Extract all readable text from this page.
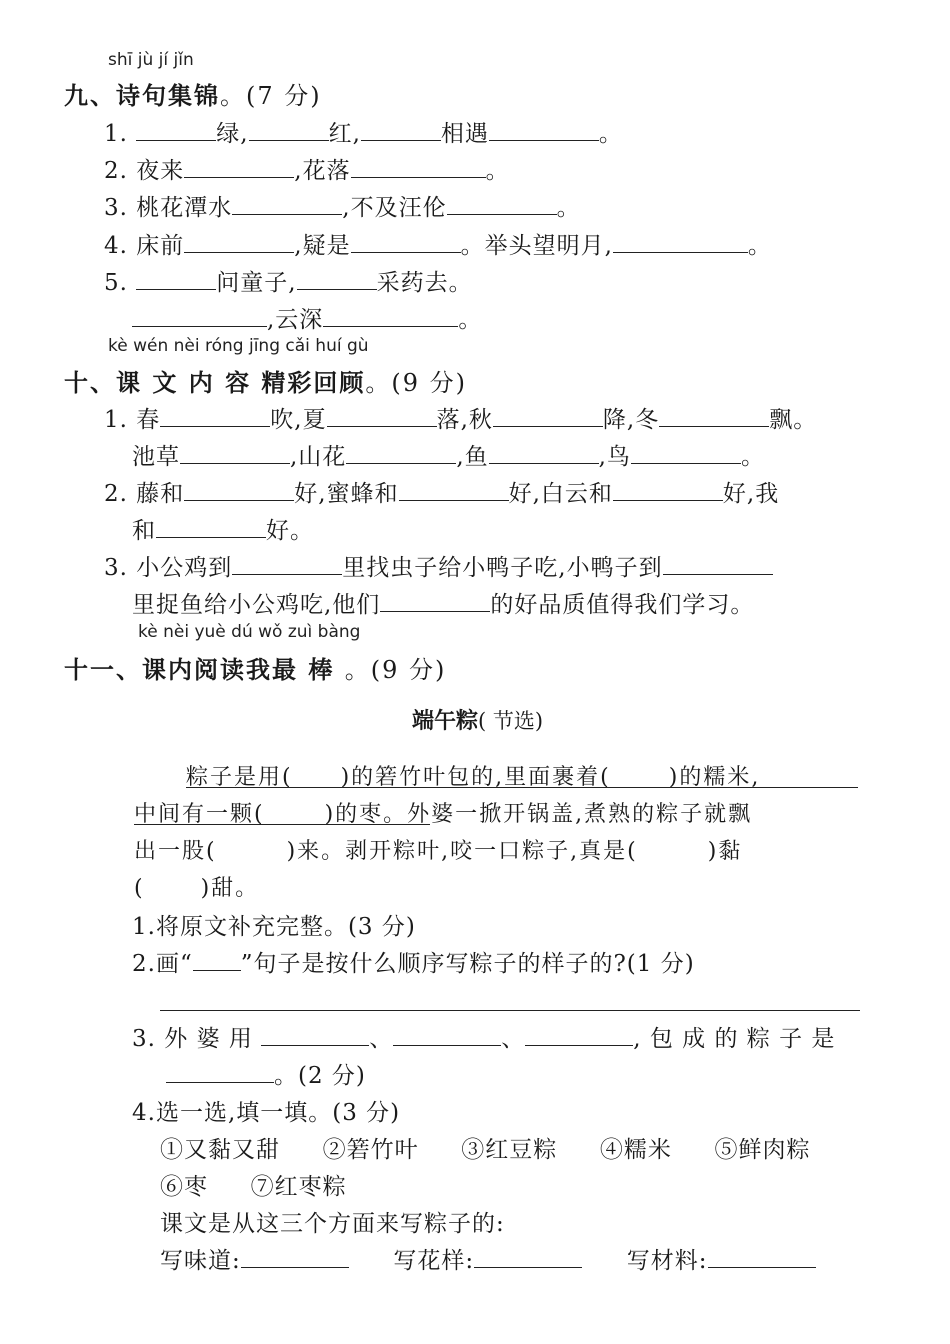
shī jù jí jǐn
九、诗句集锦。(7 分)
1.	绿,	红,	相遇	。
2. 夜来	,花落	。
3. 桃花潭水	,不及汪伦	。
4. 床前	,疑是	。举头望明月,	。
5.	问童子,	采药去。
,云深	。
kè wén nèi róng jīng cǎi huí gù
十、课 文 内 容 精彩回顾。(9 分)
1. 春	吹,夏	落,秋	降,冬	飘。
池草	,山花	,鱼	,鸟	。
2. 藤和	好,蜜蜂和	好,白云和	好,我
和	好。
3. 小公鸡到	里找虫子给小鸭子吃,小鸭子到
里捉鱼给小公鸡吃,他们	的好品质值得我们学习。
kè nèi yuè dú wǒ zuì bàng
十一、课内阅读我最 棒 。(9 分)
端午粽( 节选)
粽子是用( )的箬竹叶包的,里面裹着(	)的糯米,
中间有一颗(	)的枣。外婆一掀开锅盖,煮熟的粽子就飘
出一股(	)来。剥开粽叶,咬一口粽子,真是(	)黏
(	)甜。
1.将原文补充完整。(3 分)
2.画“ ”句子是按什么顺序写粽子的样子的?(1 分)
3. 外 婆 用	、	、	, 包 成 的 粽 子 是
。(2 分)
4.选一选,填一填。(3 分)
①又黏又甜 ②箬竹叶 ③红豆粽 ④糯米 ⑤鲜肉粽
⑥枣 ⑦红枣粽
课文是从这三个方面来写粽子的:
写味道:	写花样:	写材料:
